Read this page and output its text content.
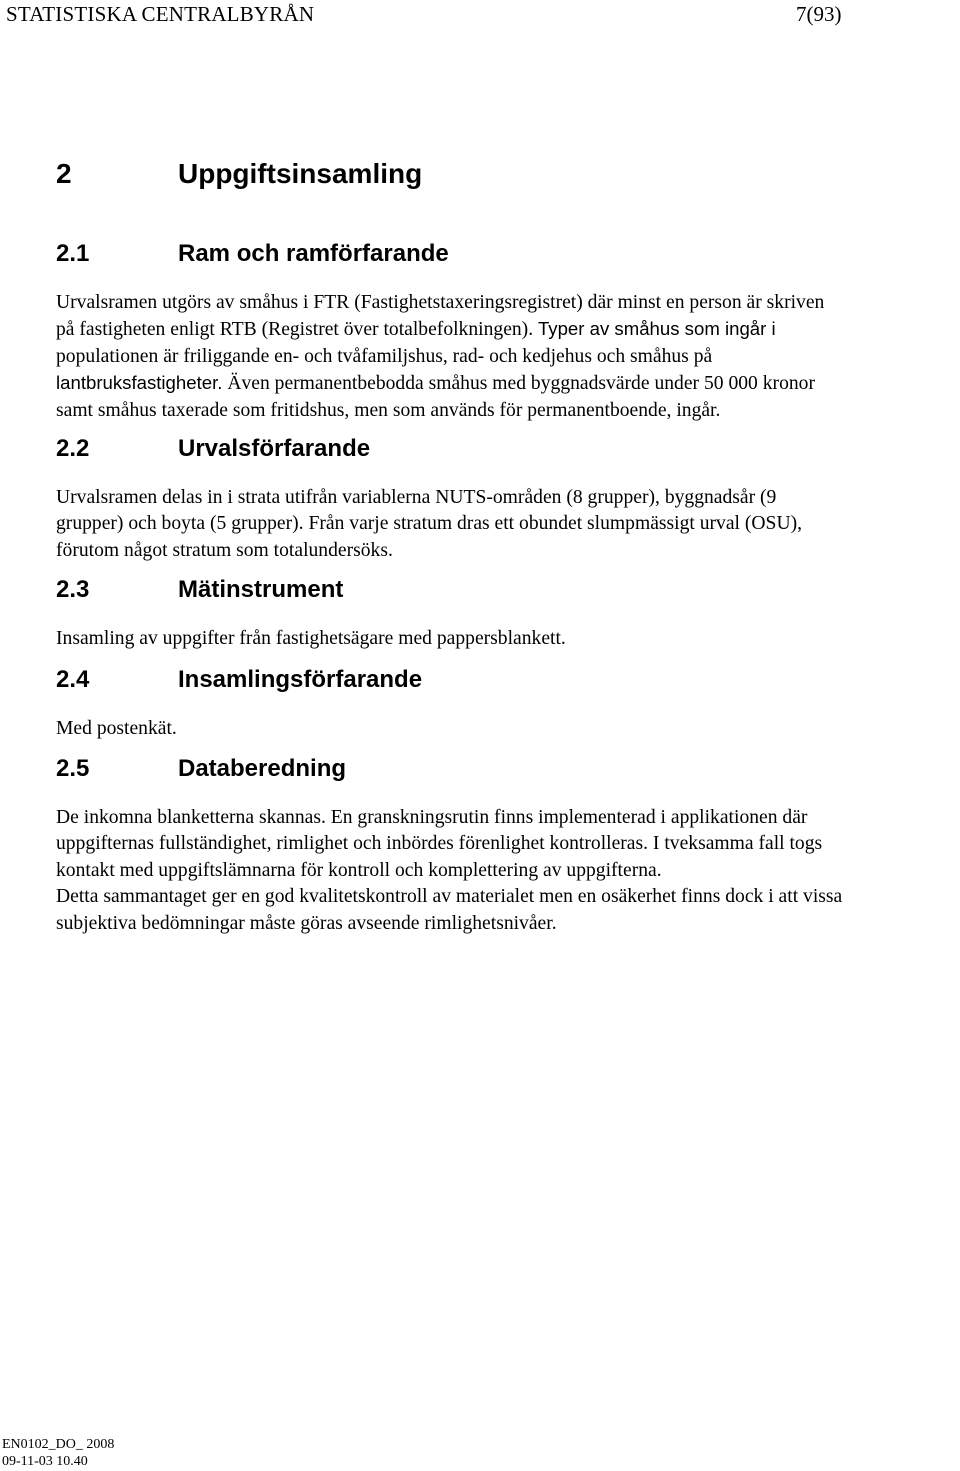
STATISTISKA CENTRALBYRÅN	7(93)
2	Uppgiftsinsamling
2.1	Ram och ramförfarande
Urvalsramen utgörs av småhus i FTR (Fastighetstaxeringsregistret) där minst en person är skriven
på fastigheten enligt RTB (Registret över totalbefolkningen). Typer av småhus som ingår i
populationen är friliggande en- och tvåfamiljshus, rad- och kedjehus och småhus på
lantbruksfastigheter. Även permanentbebodda småhus med byggnadsvärde under 50 000 kronor
samt småhus taxerade som fritidshus, men som används för permanentboende, ingår.
2.2	Urvalsförfarande
Urvalsramen delas in i strata utifrån variablerna NUTS-områden (8 grupper), byggnadsår (9
grupper) och boyta (5 grupper). Från varje stratum dras ett obundet slumpmässigt urval (OSU),
förutom något stratum som totalundersöks.
2.3	Mätinstrument
Insamling av uppgifter från fastighetsägare med pappersblankett.
2.4	Insamlingsförfarande
Med postenkät.
2.5	Databeredning
De inkomna blanketterna skannas. En granskningsrutin finns implementerad i applikationen där
uppgifternas fullständighet, rimlighet och inbördes förenlighet kontrolleras. I tveksamma fall togs
kontakt med uppgiftslämnarna för kontroll och komplettering av uppgifterna.
Detta sammantaget ger en god kvalitetskontroll av materialet men en osäkerhet finns dock i att vissa
subjektiva bedömningar måste göras avseende rimlighetsnivåer.
EN0102_DO_ 2008
09-11-03 10.40
